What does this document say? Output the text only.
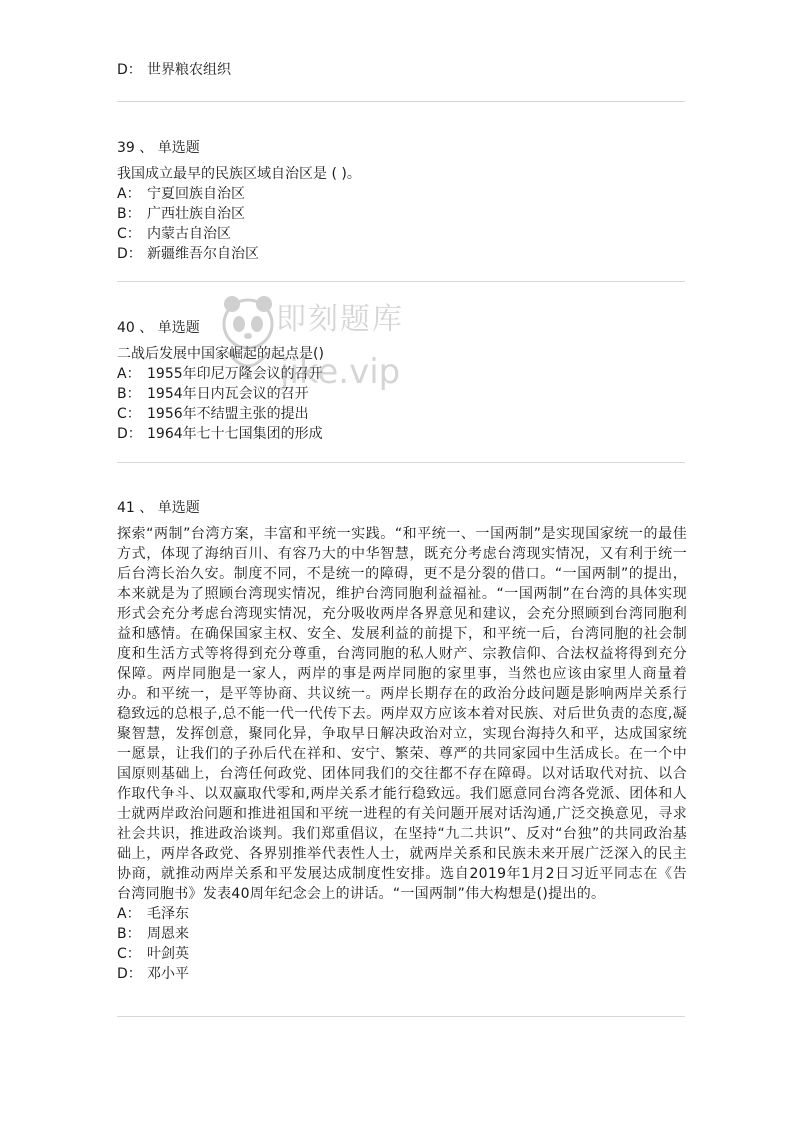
D： 世界粮农组织
39 、 单选题
我国成立最早的民族区域自治区是 ( )。
A： 宁夏回族自治区
B： 广西壮族自治区
C： 内蒙古自治区
D： 新疆维吾尔自治区
40 、 单选题
二战后发展中国家崛起的起点是()
A： 1955年印尼万隆会议的召开
B： 1954年日内瓦会议的召开
C： 1956年不结盟主张的提出
D： 1964年七十七国集团的形成
41 、 单选题
探索“两制”台湾方案，丰富和平统一实践。“和平统一、一国两制”是实现国家统一的最佳方式，体现了海纳百川、有容乃大的中华智慧，既充分考虑台湾现实情况，又有利于统一后台湾长治久安。制度不同，不是统一的障碍，更不是分裂的借口。“一国两制”的提出，本来就是为了照顾台湾现实情况，维护台湾同胞利益福祉。“一国两制”在台湾的具体实现形式会充分考虑台湾现实情况，充分吸收两岸各界意见和建议，会充分照顾到台湾同胞利益和感情。在确保国家主权、安全、发展利益的前提下，和平统一后，台湾同胞的社会制度和生活方式等将得到充分尊重，台湾同胞的私人财产、宗教信仰、合法权益将得到充分保障。两岸同胞是一家人，两岸的事是两岸同胞的家里事，当然也应该由家里人商量着办。和平统一，是平等协商、共议统一。两岸长期存在的政治分歧问题是影响两岸关系行稳致远的总根子,总不能一代一代传下去。两岸双方应该本着对民族、对后世负责的态度,凝聚智慧，发挥创意，聚同化异，争取早日解决政治对立，实现台海持久和平，达成国家统一愿景，让我们的子孙后代在祥和、安宁、繁荣、尊严的共同家园中生活成长。在一个中国原则基础上，台湾任何政党、团体同我们的交往都不存在障碍。以对话取代对抗、以合作取代争斗、以双赢取代零和,两岸关系才能行稳致远。我们愿意同台湾各党派、团体和人士就两岸政治问题和推进祖国和平统一进程的有关问题开展对话沟通,广泛交换意见，寻求社会共识，推进政治谈判。我们郑重倡议，在坚持“九二共识”、反对“台独”的共同政治基础上，两岸各政党、各界别推举代表性人士，就两岸关系和民族未来开展广泛深入的民主协商，就推动两岸关系和平发展达成制度性安排。选自2019年1月2日习近平同志在《告台湾同胞书》发表40周年纪念会上的讲话。“一国两制”伟大构想是()提出的。
A： 毛泽东
B： 周恩来
C： 叶剑英
D： 邓小平
即刻题库
jike.vip
